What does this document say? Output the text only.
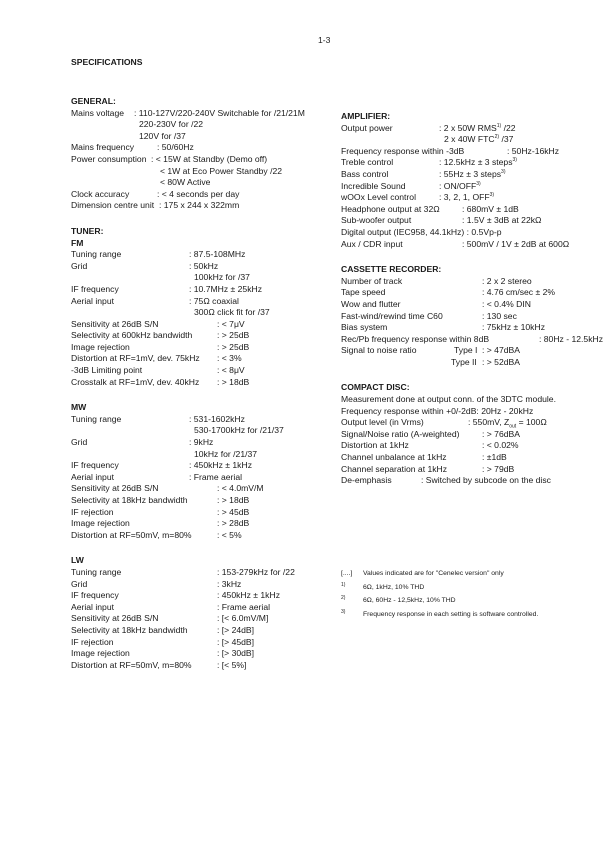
1-3
SPECIFICATIONS
GENERAL:
Mains voltage : 110-127V/220-240V Switchable for /21/21M
220-230V for /22
120V for /37
Mains frequency	: 50/60Hz
Power consumption : < 15W at Standby (Demo off)
< 1W at Eco Power Standby /22
< 80W Active
Clock accuracy	: < 4 seconds per day
Dimension centre unit : 175 x 244 x 322mm
TUNER:
FM
Tuning range	: 87.5-108MHz
Grid	: 50kHz
100kHz for /37
IF frequency	: 10.7MHz ± 25kHz
Aerial input	: 75Ω coaxial
300Ω click fit for /37
Sensitivity at 26dB S/N	: < 7μV
Selectivity at 600kHz bandwidth	: > 25dB
Image rejection	: > 25dB
Distortion at RF=1mV, dev. 75kHz : < 3%
-3dB Limiting point	: < 8μV
Crosstalk at RF=1mV, dev. 40kHz : > 18dB
MW
Tuning range	: 531-1602kHz
530-1700kHz for /21/37
Grid	: 9kHz
10kHz for /21/37
IF frequency	: 450kHz ± 1kHz
Aerial input	: Frame aerial
Sensitivity at 26dB S/N	: < 4.0mV/M
Selectivity at 18kHz bandwidth	: > 18dB
IF rejection	: > 45dB
Image rejection	: > 28dB
Distortion at RF=50mV, m=80%	: < 5%
LW
Tuning range	: 153-279kHz for /22
Grid	: 3kHz
IF frequency	: 450kHz ± 1kHz
Aerial input	: Frame aerial
Sensitivity at 26dB S/N	: [< 6.0mV/M]
Selectivity at 18kHz bandwidth	: [> 24dB]
IF rejection	: [> 45dB]
Image rejection	: [> 30dB]
Distortion at RF=50mV, m=80%	: [< 5%]
AMPLIFIER:
Output power	: 2 x 50W RMS$^{1)}$ /22
2 x 40W FTC$^{2)}$ /37
Frequency response within -3dB	: 50Hz-16kHz
Treble control	: 12.5kHz ± 3 steps$^{3)}$
Bass control	: 55Hz ± 3 steps$^{3)}$
Incredible Sound	: ON/OFF$^{3)}$
wOOx Level control	: 3, 2, 1, OFF$^{3)}$
Headphone output at 32Ω	: 680mV ± 1dB
Sub-woofer output	: 1.5V ± 3dB at 22kΩ
Digital output (IEC958, 44.1kHz) : 0.5Vp-p
Aux / CDR input	: 500mV / 1V ± 2dB at 600Ω
CASSETTE RECORDER:
Number of track	: 2 x 2 stereo
Tape speed	: 4.76 cm/sec ± 2%
Wow and flutter	: < 0.4% DIN
Fast-wind/rewind time C60	: 130 sec
Bias system	: 75kHz ± 10kHz
Rec/Pb frequency response within 8dB	: 80Hz - 12.5kHz
Signal to noise ratio	Type I : > 47dBA
Type II : > 52dBA
COMPACT DISC:
Measurement done at output conn. of the 3DTC module.
Frequency response within +0/-2dB: 20Hz - 20kHz
Output level (in Vrms)	: 550mV, $Z_{out} = 100\Omega$
Signal/Noise ratio (A-weighted)	: > 76dBA
Distortion at 1kHz	: < 0.02%
Channel unbalance at 1kHz	: ±1dB
Channel separation at 1kHz	: > 79dB
De-emphasis	: Switched by subcode on the disc
[....] Values indicated are for "Cenelec version" only
1)	6Ω, 1kHz, 10% THD
2)	6Ω, 60Hz - 12,5kHz, 10% THD
3)	Frequency response in each setting is software controlled.
